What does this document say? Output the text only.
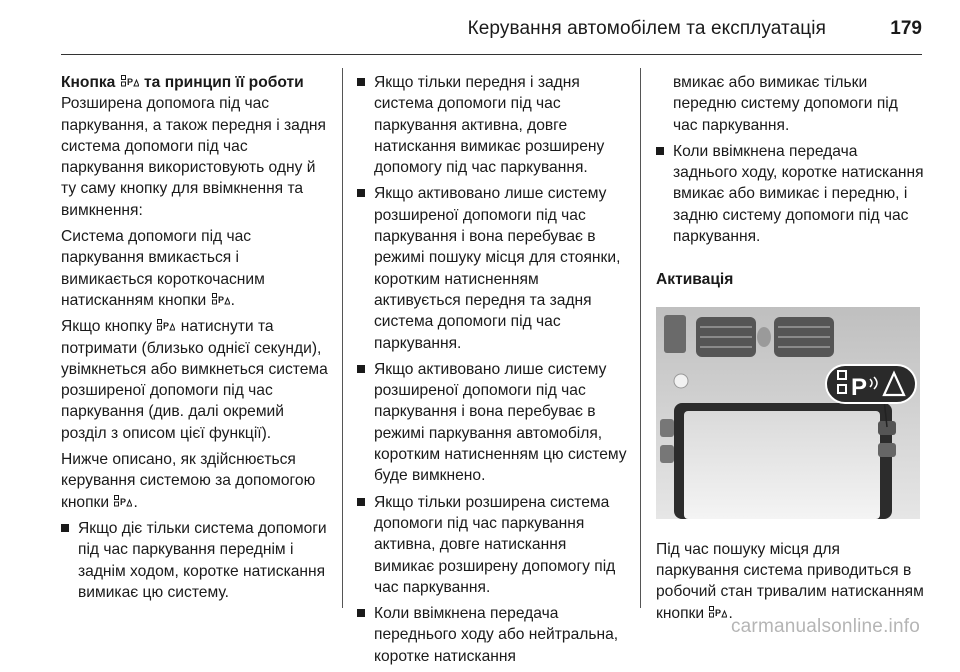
Керування автомобілем та експлуатація	179
Кнопка P та принцип її роботи

Розширена допомога під час паркування, а також передня і задня система допомоги під час паркування використовують одну й ту саму кнопку для ввімкнення та вимкнення:

Система допомоги під час паркування вмикається і вимикається короткочасним натисканням кнопки P .

Якщо кнопку P натиснути та потримати (близько однієї секунди), увімкнеться або вимкнеться система розширеної допомоги під час паркування (див. далі окремий розділ з описом цієї функції).

Нижче описано, як здійснюється керування системою за допомогою кнопки P .

Якщо діє тільки система допомоги під час паркування переднім і заднім ходом, коротке натискання вимикає цю систему.
Якщо тільки передня і задня система допомоги під час паркування активна, довге натискання вимикає розширену допомогу під час паркування.
Якщо активовано лише систему розширеної допомоги під час паркування і вона перебуває в режимі пошуку місця для стоянки, коротким натисненням активується передня та задня система допомоги під час паркування.
Якщо активовано лише систему розширеної допомоги під час паркування і вона перебуває в режимі паркування автомобіля, коротким натисненням цю систему буде вимкнено.
Якщо тільки розширена система допомоги під час паркування активна, довге натискання вимикає розширену допомогу під час паркування.
Коли ввімкнена передача переднього ходу або нейтральна, коротке натискання
вмикає або вимикає тільки передню систему допомоги під час паркування.
Коли ввімкнена передача заднього ходу, коротке натискання вмикає або вимикає і передню, і задню систему допомоги під час паркування.
Активація
P

Під час пошуку місця для паркування система приводиться в робочий стан тривалим натисканням кнопки P .

carmanualsonline.info
